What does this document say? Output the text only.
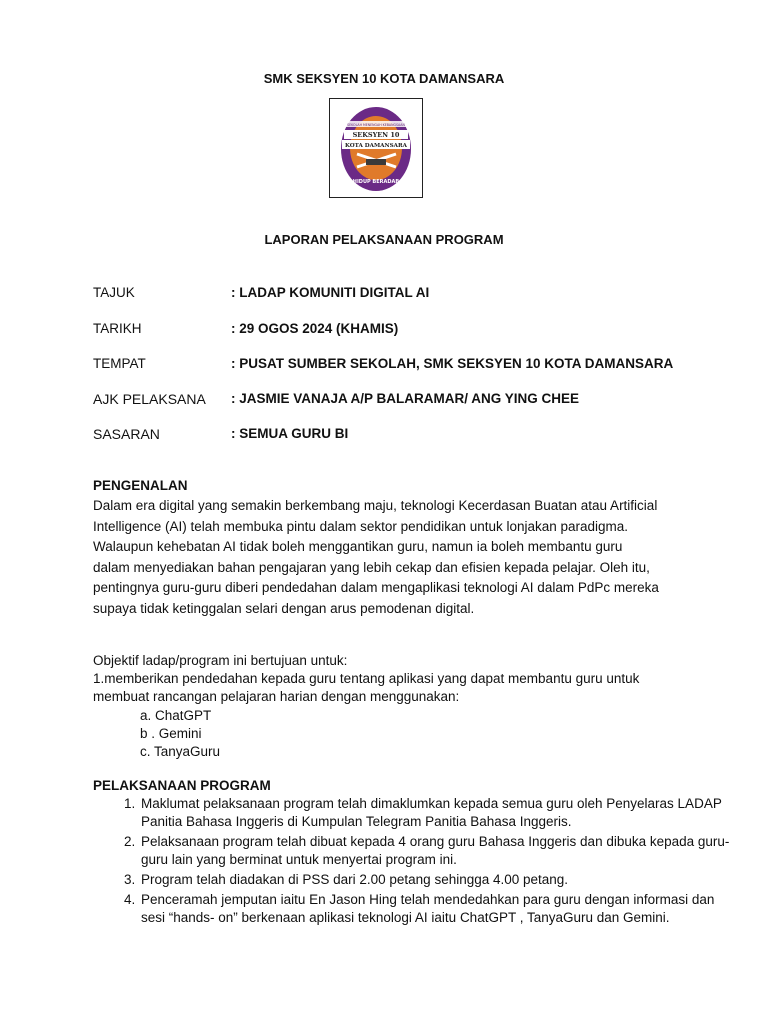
SMK SEKSYEN 10 KOTA DAMANSARA
SEKOLAH MENENGAH KEBANGSAAN
SEKSYEN 10
KOTA DAMANSARA
HIDUP BERADAB
LAPORAN PELAKSANAAN PROGRAM
TAJUK	: LADAP KOMUNITI DIGITAL AI
TARIKH	: 29 OGOS 2024 (KHAMIS)
TEMPAT	: PUSAT SUMBER SEKOLAH, SMK SEKSYEN 10 KOTA DAMANSARA
AJK PELAKSANA : JASMIE VANAJA A/P BALARAMAR/ ANG YING CHEE
SASARAN	: SEMUA GURU BI
PENGENALAN
Dalam era digital yang semakin berkembang maju, teknologi Kecerdasan Buatan atau Artificial
Intelligence (AI) telah membuka pintu dalam sektor pendidikan untuk lonjakan paradigma.
Walaupun kehebatan AI tidak boleh menggantikan guru, namun ia boleh membantu guru
dalam menyediakan bahan pengajaran yang lebih cekap dan efisien kepada pelajar. Oleh itu,
pentingnya guru-guru diberi pendedahan dalam mengaplikasi teknologi AI dalam PdPc mereka
supaya tidak ketinggalan selari dengan arus pemodenan digital.
Objektif ladap/program ini bertujuan untuk:
1.memberikan pendedahan kepada guru tentang aplikasi yang dapat membantu guru untuk
membuat rancangan pelajaran harian dengan menggunakan:
a. ChatGPT
b . Gemini
c. TanyaGuru
PELAKSANAAN PROGRAM
1. Maklumat pelaksanaan program telah dimaklumkan kepada semua guru oleh Penyelaras LADAP Panitia Bahasa Inggeris di Kumpulan Telegram Panitia Bahasa Inggeris.
2. Pelaksanaan program telah dibuat kepada 4 orang guru Bahasa Inggeris dan dibuka kepada guru-guru lain yang berminat untuk menyertai program ini.
3. Program telah diadakan di PSS dari 2.00 petang sehingga 4.00 petang.
4. Penceramah jemputan iaitu En Jason Hing telah mendedahkan para guru dengan informasi dan sesi “hands- on” berkenaan aplikasi teknologi AI iaitu ChatGPT , TanyaGuru dan Gemini.
